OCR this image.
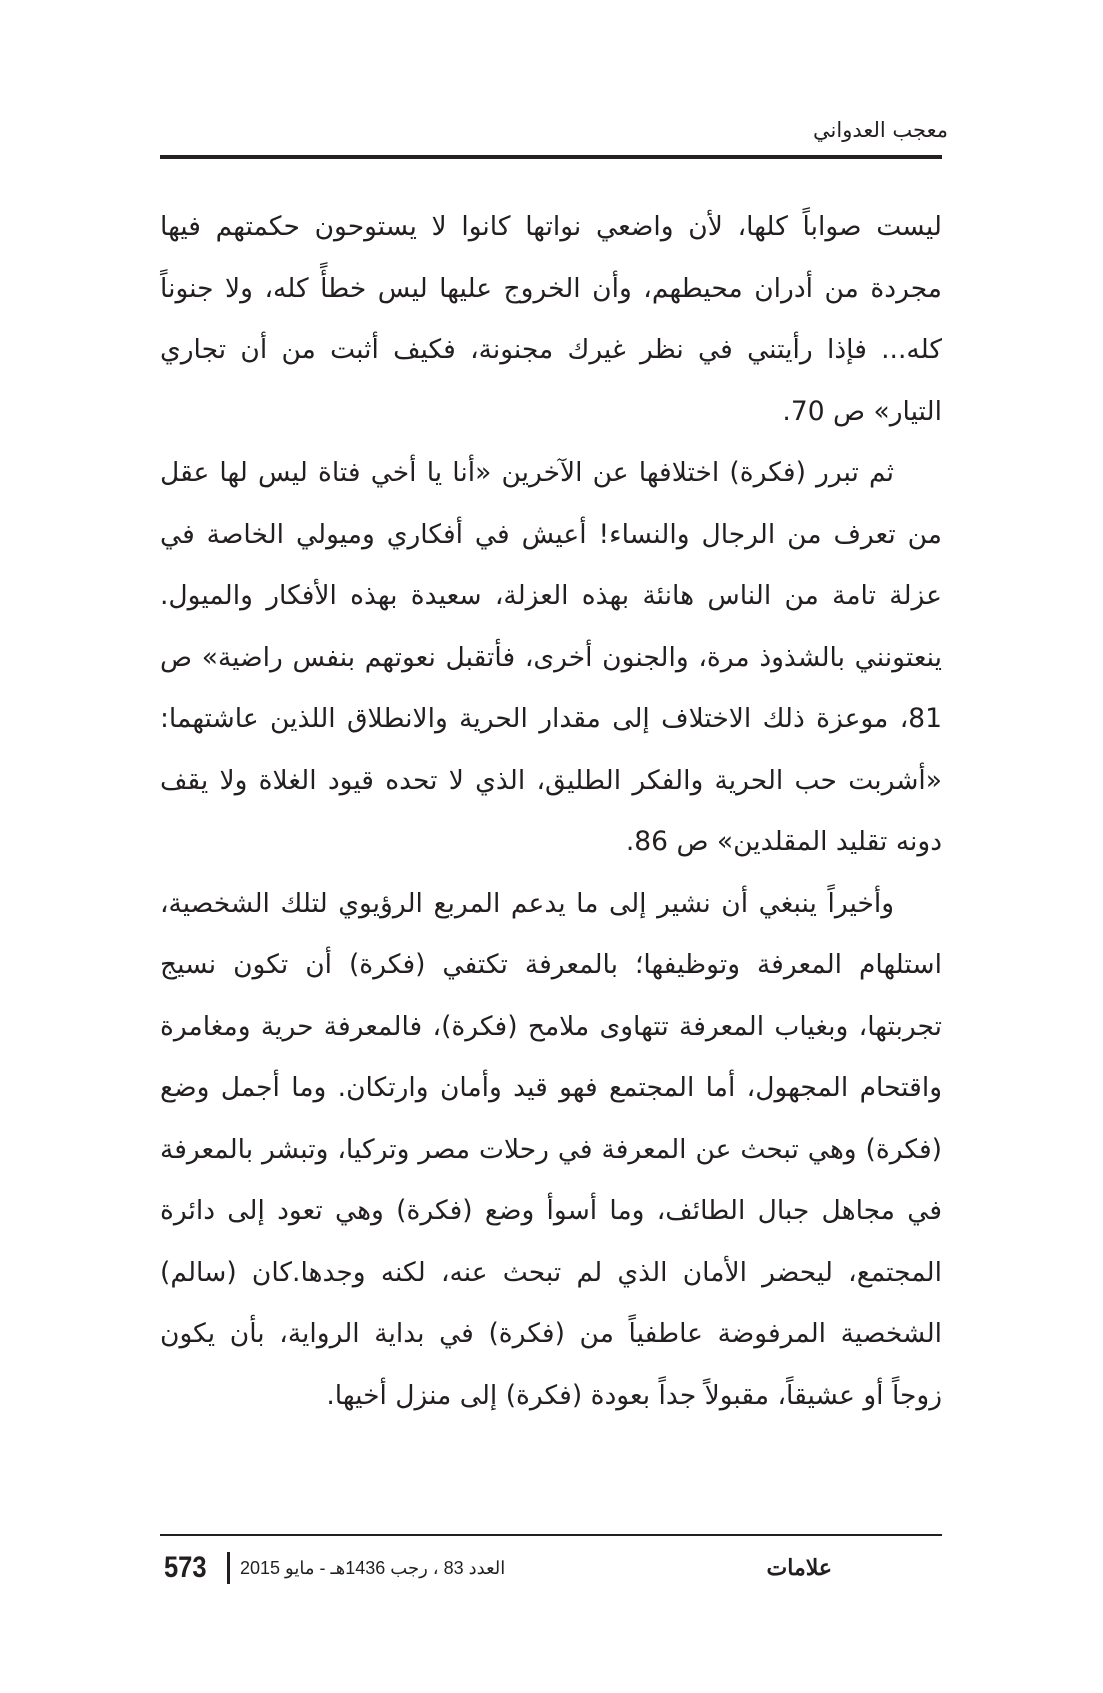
معجب العدواني

ليست صواباً كلها، لأن واضعي نواتها كانوا لا يستوحون حكمتهم فيها مجردة من أدران محيطهم، وأن الخروج عليها ليس خطأً كله، ولا جنوناً كله... فإذا رأيتني في نظر غيرك مجنونة، فكيف أثبت من أن تجاري التيار» ص 70.

ثم تبرر (فكرة) اختلافها عن الآخرين «أنا يا أخي فتاة ليس لها عقل من تعرف من الرجال والنساء! أعيش في أفكاري وميولي الخاصة في عزلة تامة من الناس هانئة بهذه العزلة، سعيدة بهذه الأفكار والميول. ينعتونني بالشذوذ مرة، والجنون أخرى، فأتقبل نعوتهم بنفس راضية» ص 81، موعزة ذلك الاختلاف إلى مقدار الحرية والانطلاق اللذين عاشتهما: «أشربت حب الحرية والفكر الطليق، الذي لا تحده قيود الغلاة ولا يقف دونه تقليد المقلدين» ص 86.

وأخيراً ينبغي أن نشير إلى ما يدعم المربع الرؤيوي لتلك الشخصية، استلهام المعرفة وتوظيفها؛ بالمعرفة تكتفي (فكرة) أن تكون نسيج تجربتها، وبغياب المعرفة تتهاوى ملامح (فكرة)، فالمعرفة حرية ومغامرة واقتحام المجهول، أما المجتمع فهو قيد وأمان وارتكان. وما أجمل وضع (فكرة) وهي تبحث عن المعرفة في رحلات مصر وتركيا، وتبشر بالمعرفة في مجاهل جبال الطائف، وما أسوأ وضع (فكرة) وهي تعود إلى دائرة المجتمع، ليحضر الأمان الذي لم تبحث عنه، لكنه وجدها.كان (سالم) الشخصية المرفوضة عاطفياً من (فكرة) في بداية الرواية، بأن يكون زوجاً أو عشيقاً، مقبولاً جداً بعودة (فكرة) إلى منزل أخيها.

573 العدد 83 ، رجب 1436هـ - مايو 2015	علامات
